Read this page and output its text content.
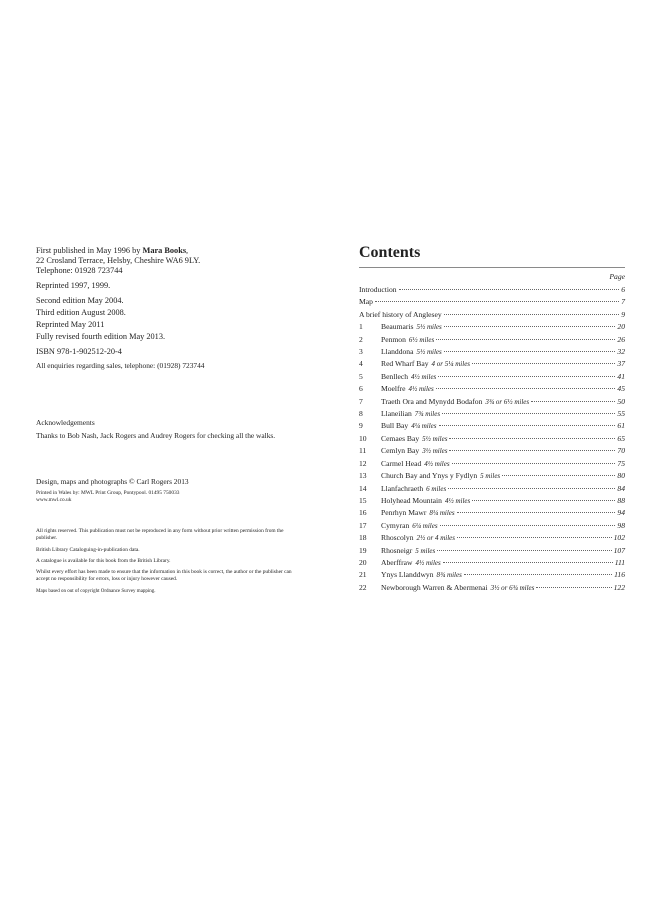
First published in May 1996 by Mara Books,

22 Crosland Terrace, Helsby, Cheshire WA6 9LY.

Telephone: 01928 723744

Reprinted 1997, 1999.

Second edition May 2004.

Third edition August 2008.

Reprinted May 2011

Fully revised fourth edition May 2013.

ISBN 978-1-902512-20-4

All enquiries regarding sales, telephone: (01928) 723744

Acknowledgements

Thanks to Bob Nash, Jack Rogers and Audrey Rogers for checking all the walks.

Design, maps and photographs © Carl Rogers 2013

Printed in Wales by: MWL Print Group, Pontypool. 01495 750033

www.mwl.co.uk

All rights reserved. This publication must not be reproduced in any form without prior written permission from the publisher.

British Library Cataloguing-in-publication data.

A catalogue is available for this book from the British Library.

Whilst every effort has been made to ensure that the information in this book is correct, the author or the publisher can accept no responsibility for errors, loss or injury however caused.

Maps based on out of copyright Ordnance Survey mapping.

Contents
Page
Introduction	6
Map	7
A brief history of Anglesey	9
1	Beaumaris 5½ miles	20
2	Penmon 6½ miles	26
3	Llanddona 5½ miles	32
4	Red Wharf Bay 4 or 5¼ miles	37
5	Benllech 4½ miles	41
6	Moelfre 4½ miles	45
7	Traeth Ora and Mynydd Bodafon 3¾ or 6½ miles	50
8	Llaneilian 7¾ miles	55
9	Bull Bay 4¼ miles	61
10	Cemaes Bay 5½ miles	65
11	Cemlyn Bay 3½ miles	70
12	Carmel Head 4½ miles	75
13	Church Bay and Ynys y Fydlyn 5 miles	80
14	Llanfachraeth 6 miles	84
15	Holyhead Mountain 4½ miles	88
16	Penrhyn Mawr 8¼ miles	94
17	Cymyran 6¼ miles	98
18	Rhoscolyn 2½ or 4 miles	102
19	Rhosneigr 5 miles	107
20	Aberffraw 4½ miles	111
21	Ynys Llanddwyn 8¾ miles	116
22	Newborough Warren & Abermenai 3½ or 6¾ miles	122
